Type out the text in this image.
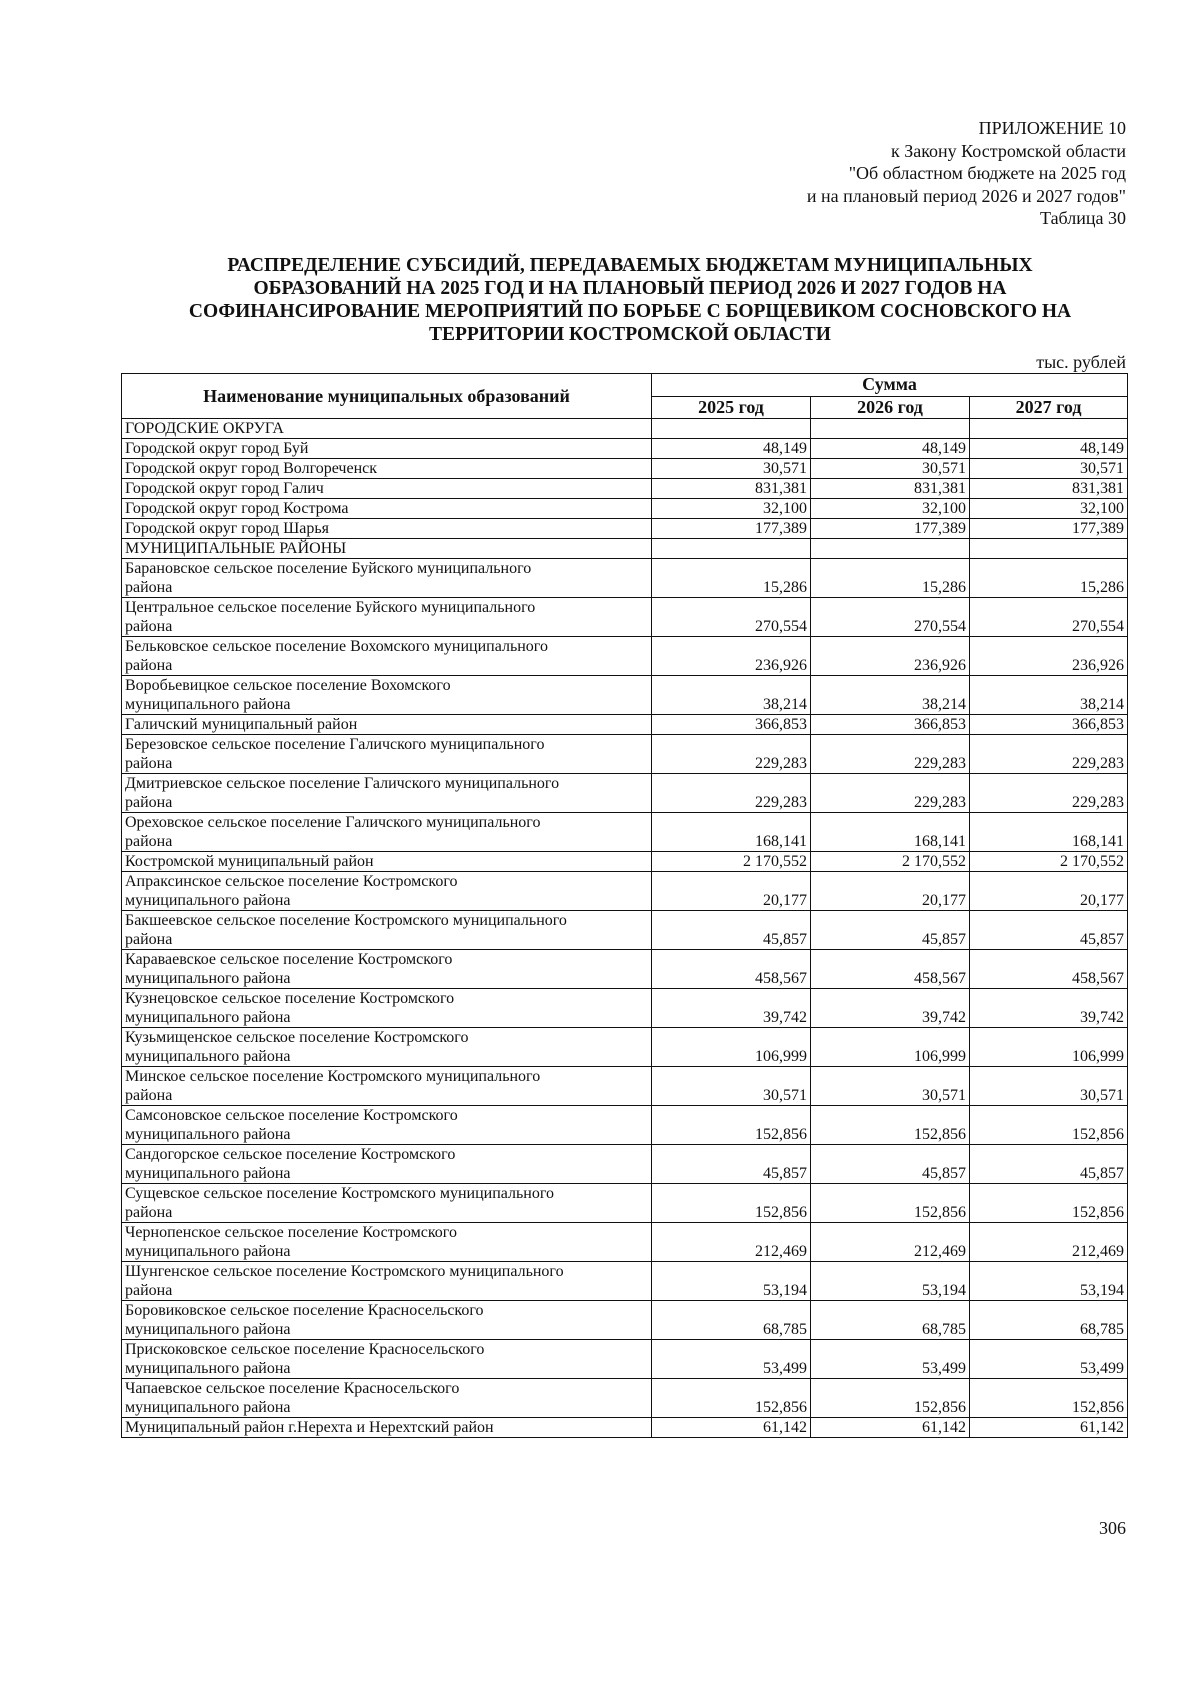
ПРИЛОЖЕНИЕ 10
к Закону Костромской области
"Об областном бюджете на 2025 год
и на плановый период 2026 и 2027 годов"
Таблица 30
РАСПРЕДЕЛЕНИЕ СУБСИДИЙ, ПЕРЕДАВАЕМЫХ БЮДЖЕТАМ МУНИЦИПАЛЬНЫХ
ОБРАЗОВАНИЙ НА 2025 ГОД И НА ПЛАНОВЫЙ ПЕРИОД 2026 И 2027 ГОДОВ НА
СОФИНАНСИРОВАНИЕ МЕРОПРИЯТИЙ ПО БОРЬБЕ С БОРЩЕВИКОМ СОСНОВСКОГО НА
ТЕРРИТОРИИ КОСТРОМСКОЙ ОБЛАСТИ
тыс. рублей
Наименование муниципальных образований	Сумма		
	2025 год	2026 год	2027 год
ГОРОДСКИЕ ОКРУГА			
Городской округ город Буй	48,149	48,149	48,149
Городской округ город Волгореченск	30,571	30,571	30,571
Городской округ город Галич	831,381	831,381	831,381
Городской округ город Кострома	32,100	32,100	32,100
Городской округ город Шарья	177,389	177,389	177,389
МУНИЦИПАЛЬНЫЕ РАЙОНЫ			

Барановское сельское поселение Буйского муниципального
района	15,286	15,286	15,286

Центральное сельское поселение Буйского муниципального
района	270,554	270,554	270,554

Бельковское сельское поселение Вохомского муниципального
района	236,926	236,926	236,926

Воробьевицкое сельское поселение Вохомского
муниципального района	38,214	38,214	38,214
Галичский муниципальный район	366,853	366,853	366,853

Березовское сельское поселение Галичского муниципального
района	229,283	229,283	229,283

Дмитриевское сельское поселение Галичского муниципального
района	229,283	229,283	229,283

Ореховское сельское поселение Галичского муниципального
района	168,141	168,141	168,141
Костромской муниципальный район	2 170,552	2 170,552	2 170,552

Апраксинское сельское поселение Костромского
муниципального района	20,177	20,177	20,177

Бакшеевское сельское поселение Костромского муниципального
района	45,857	45,857	45,857

Караваевское сельское поселение Костромского
муниципального района	458,567	458,567	458,567

Кузнецовское сельское поселение Костромского
муниципального района	39,742	39,742	39,742

Кузьмищенское сельское поселение Костромского
муниципального района	106,999	106,999	106,999

Минское сельское поселение Костромского муниципального
района	30,571	30,571	30,571

Самсоновское сельское поселение Костромского
муниципального района	152,856	152,856	152,856

Сандогорское сельское поселение Костромского
муниципального района	45,857	45,857	45,857

Сущевское сельское поселение Костромского муниципального
района	152,856	152,856	152,856

Чернопенское сельское поселение Костромского
муниципального района	212,469	212,469	212,469

Шунгенское сельское поселение Костромского муниципального
района	53,194	53,194	53,194

Боровиковское сельское поселение Красносельского
муниципального района	68,785	68,785	68,785

Прискоковское сельское поселение Красносельского
муниципального района	53,499	53,499	53,499

Чапаевское сельское поселение Красносельского
муниципального района	152,856	152,856	152,856
Муниципальный район г.Нерехта и Нерехтский район	61,142	61,142	61,142
306
